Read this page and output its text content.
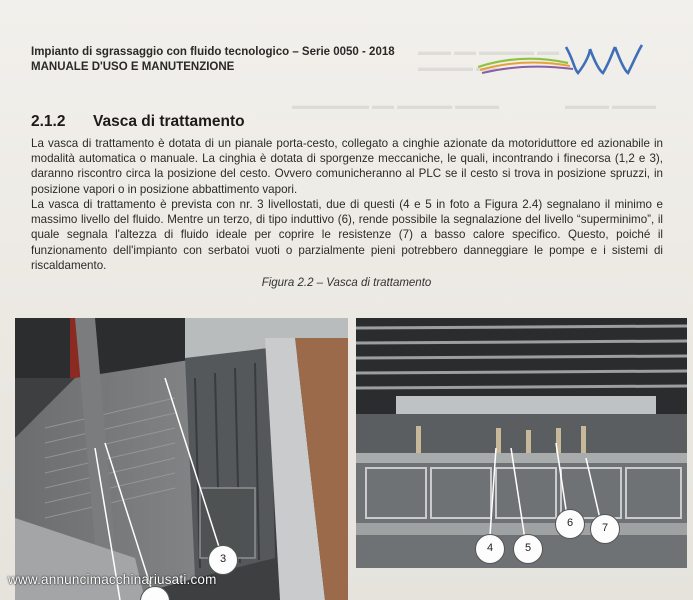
▬▬▬ ▬▬ ▬▬▬▬▬ ▬▬
▬▬▬▬▬ ▬▬
▬▬▬▬ ▬▬▬▬
▬▬▬▬▬▬▬ ▬▬ ▬▬▬▬▬ ▬▬▬▬
Impianto di sgrassaggio con fluido tecnologico – Serie 0050 - 2018
MANUALE D'USO E MANUTENZIONE
2.1.2 Vasca di trattamento

La vasca di trattamento è dotata di un pianale porta-cesto, collegato a cinghie azionate da motoriduttore ed azionabile in modalità automatica o manuale. La cinghia è dotata di sporgenze meccaniche, le quali, incontrando i finecorsa (1,2 e 3), daranno riscontro circa la posizione del cesto. Ovvero comunicheranno al PLC se il cesto si trova in posizione spruzzi, in posizione vapori o in posizione abbattimento vapori.

La vasca di trattamento è prevista con nr. 3 livellostati, due di questi (4 e 5 in foto a Figura 2.4) segnalano il minimo e massimo livello del fluido. Mentre un terzo, di tipo induttivo (6), rende possibile la segnalazione del livello “superminimo”, il quale segnala l'altezza di fluido ideale per coprire le resistenze (7) a basso calore specifico. Questo, poiché il funzionamento dell'impianto con serbatoi vuoti o parzialmente pieni potrebbero danneggiare le pompe e i sistemi di riscaldamento.

Figura 2.2 – Vasca di trattamento
3
4	5
6	7
www.annuncimacchinariusati.com
